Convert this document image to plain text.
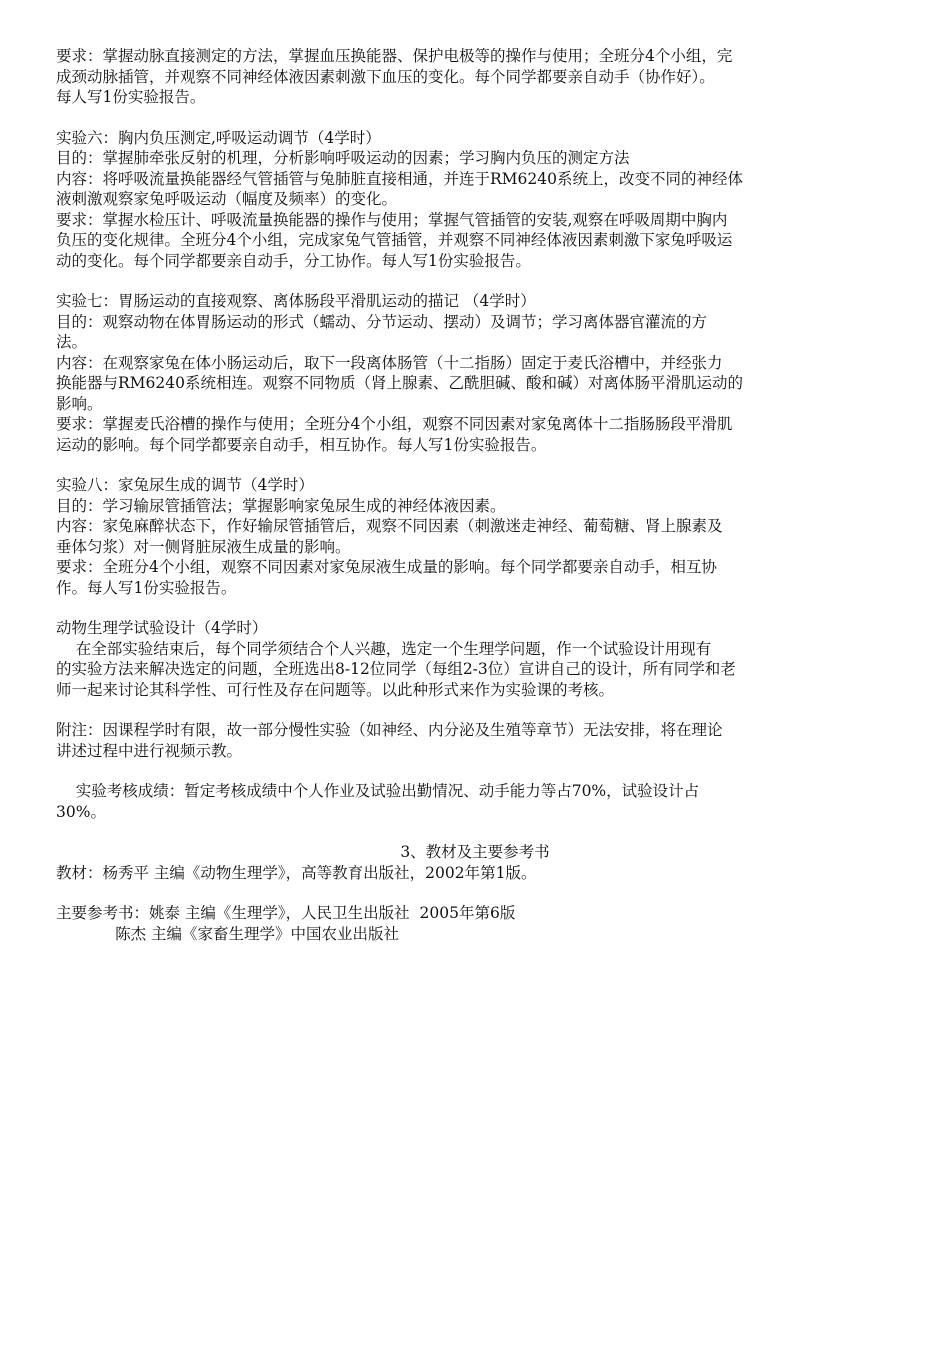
要求：掌握动脉直接测定的方法，掌握血压换能器、保护电极等的操作与使用；全班分4个小组，完
成颈动脉插管，并观察不同神经体液因素刺激下血压的变化。每个同学都要亲自动手（协作好）。
每人写1份实验报告。
实验六：胸内负压测定,呼吸运动调节（4学时）
目的：掌握肺牵张反射的机理，分析影响呼吸运动的因素；学习胸内负压的测定方法
内容：将呼吸流量换能器经气管插管与兔肺脏直接相通，并连于RM6240系统上，改变不同的神经体
液刺激观察家兔呼吸运动（幅度及频率）的变化。
要求：掌握水检压计、呼吸流量换能器的操作与使用；掌握气管插管的安装,观察在呼吸周期中胸内
负压的变化规律。全班分4个小组，完成家兔气管插管，并观察不同神经体液因素刺激下家兔呼吸运
动的变化。每个同学都要亲自动手，分工协作。每人写1份实验报告。
实验七：胃肠运动的直接观察、离体肠段平滑肌运动的描记 （4学时）
目的：观察动物在体胃肠运动的形式（蠕动、分节运动、摆动）及调节；学习离体器官灌流的方
法。
内容：在观察家兔在体小肠运动后，取下一段离体肠管（十二指肠）固定于麦氏浴槽中，并经张力
换能器与RM6240系统相连。观察不同物质（肾上腺素、乙酰胆碱、酸和碱）对离体肠平滑肌运动的
影响。
要求：掌握麦氏浴槽的操作与使用；全班分4个小组，观察不同因素对家兔离体十二指肠肠段平滑肌
运动的影响。每个同学都要亲自动手，相互协作。每人写1份实验报告。
实验八：家兔尿生成的调节（4学时）
目的：学习输尿管插管法；掌握影响家兔尿生成的神经体液因素。
内容：家兔麻醉状态下，作好输尿管插管后，观察不同因素（刺激迷走神经、葡萄糖、肾上腺素及
垂体匀浆）对一侧肾脏尿液生成量的影响。
要求：全班分4个小组，观察不同因素对家兔尿液生成量的影响。每个同学都要亲自动手，相互协
作。每人写1份实验报告。
动物生理学试验设计（4学时）
在全部实验结束后，每个同学须结合个人兴趣，选定一个生理学问题，作一个试验设计用现有
的实验方法来解决选定的问题，全班选出8-12位同学（每组2-3位）宣讲自己的设计，所有同学和老
师一起来讨论其科学性、可行性及存在问题等。以此种形式来作为实验课的考核。
附注：因课程学时有限，故一部分慢性实验（如神经、内分泌及生殖等章节）无法安排，将在理论
讲述过程中进行视频示教。
实验考核成绩：暂定考核成绩中个人作业及试验出勤情况、动手能力等占70%，试验设计占
30%。
3、教材及主要参考书
教材：杨秀平 主编《动物生理学》，高等教育出版社，2002年第1版。
主要参考书：姚泰 主编《生理学》，人民卫生出版社  2005年第6版
陈杰 主编《家畜生理学》中国农业出版社
